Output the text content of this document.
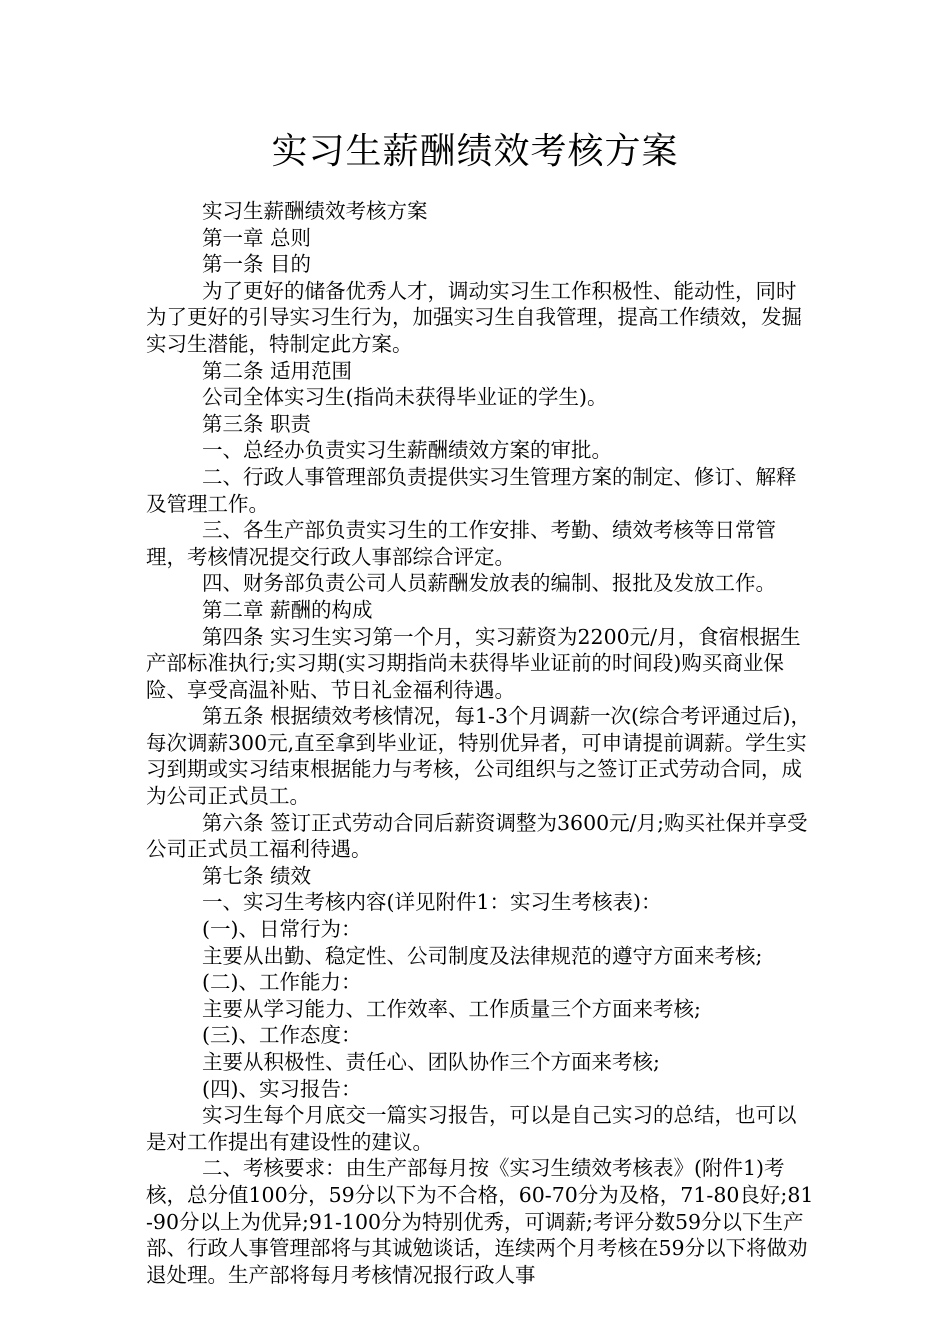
实习生薪酬绩效考核方案

实习生薪酬绩效考核方案

第一章 总则

第一条 目的

为了更好的储备优秀人才，调动实习生工作积极性、能动性，同时为了更好的引导实习生行为，加强实习生自我管理，提高工作绩效，发掘实习生潜能，特制定此方案。

第二条 适用范围

公司全体实习生(指尚未获得毕业证的学生)。

第三条 职责

一、总经办负责实习生薪酬绩效方案的审批。

二、行政人事管理部负责提供实习生管理方案的制定、修订、解释及管理工作。

三、各生产部负责实习生的工作安排、考勤、绩效考核等日常管理，考核情况提交行政人事部综合评定。

四、财务部负责公司人员薪酬发放表的编制、报批及发放工作。

第二章 薪酬的构成

第四条 实习生实习第一个月，实习薪资为2200元/月，食宿根据生产部标准执行;实习期(实习期指尚未获得毕业证前的时间段)购买商业保险、享受高温补贴、节日礼金福利待遇。

第五条 根据绩效考核情况，每1-3个月调薪一次(综合考评通过后)，每次调薪300元,直至拿到毕业证，特别优异者，可申请提前调薪。学生实习到期或实习结束根据能力与考核，公司组织与之签订正式劳动合同，成为公司正式员工。

第六条 签订正式劳动合同后薪资调整为3600元/月;购买社保并享受公司正式员工福利待遇。

第七条 绩效

一、实习生考核内容(详见附件1：实习生考核表)：

(一)、日常行为：

主要从出勤、稳定性、公司制度及法律规范的遵守方面来考核;

(二)、工作能力：

主要从学习能力、工作效率、工作质量三个方面来考核;

(三)、工作态度：

主要从积极性、责任心、团队协作三个方面来考核;

(四)、实习报告：

实习生每个月底交一篇实习报告，可以是自己实习的总结，也可以是对工作提出有建设性的建议。

二、考核要求：由生产部每月按《实习生绩效考核表》(附件1)考核，总分值100分，59分以下为不合格，60-70分为及格，71-80良好;81-90分以上为优异;91-100分为特别优秀，可调薪;考评分数59分以下生产部、行政人事管理部将与其诚勉谈话，连续两个月考核在59分以下将做劝退处理。生产部将每月考核情况报行政人事
